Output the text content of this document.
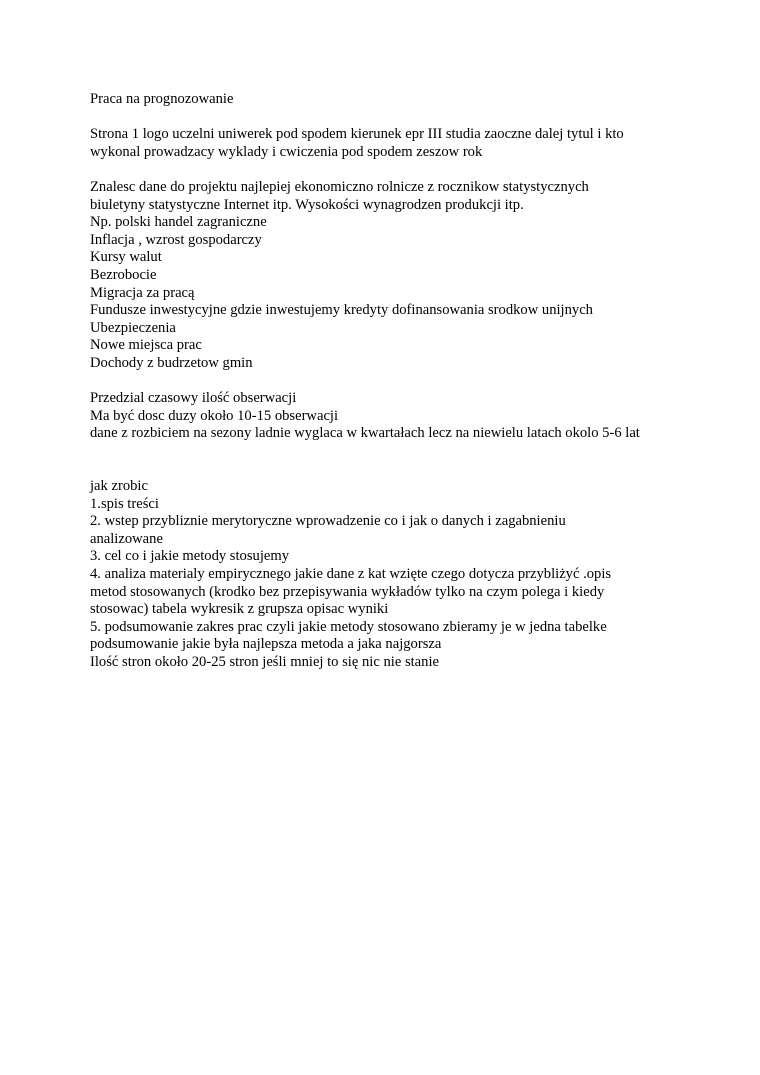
Praca na prognozowanie
Strona 1 logo uczelni uniwerek pod spodem kierunek epr III studia zaoczne dalej tytul i kto
wykonal prowadzacy wyklady i cwiczenia pod spodem zeszow rok
Znalesc dane do projektu najlepiej ekonomiczno rolnicze z rocznikow statystycznych
biuletyny statystyczne Internet itp. Wysokości wynagrodzen produkcji itp.
Np. polski handel zagraniczne
Inflacja , wzrost gospodarczy
Kursy walut
Bezrobocie
Migracja za pracą
Fundusze inwestycyjne gdzie inwestujemy kredyty dofinansowania srodkow unijnych
Ubezpieczenia
Nowe miejsca prac
Dochody z budrzetow gmin
Przedzial czasowy ilość obserwacji
Ma być dosc duzy około 10-15 obserwacji
dane z rozbiciem na sezony ladnie wyglaca w kwartałach lecz na niewielu latach okolo 5-6 lat
jak zrobic
1.spis treści
2. wstep przybliznie merytoryczne wprowadzenie co i jak o danych i zagabnieniu
analizowane
3. cel co i jakie metody stosujemy
4. analiza materialy empirycznego jakie dane z kat wzięte czego dotycza przybliżyć .opis
metod stosowanych (krodko bez przepisywania wykładów tylko na czym polega i kiedy
stosowac) tabela wykresik z grupsza opisac wyniki
5. podsumowanie zakres prac czyli jakie metody stosowano zbieramy je w jedna tabelke
podsumowanie jakie była najlepsza metoda a jaka najgorsza
Ilość stron około 20-25 stron jeśli mniej to się nic nie stanie
